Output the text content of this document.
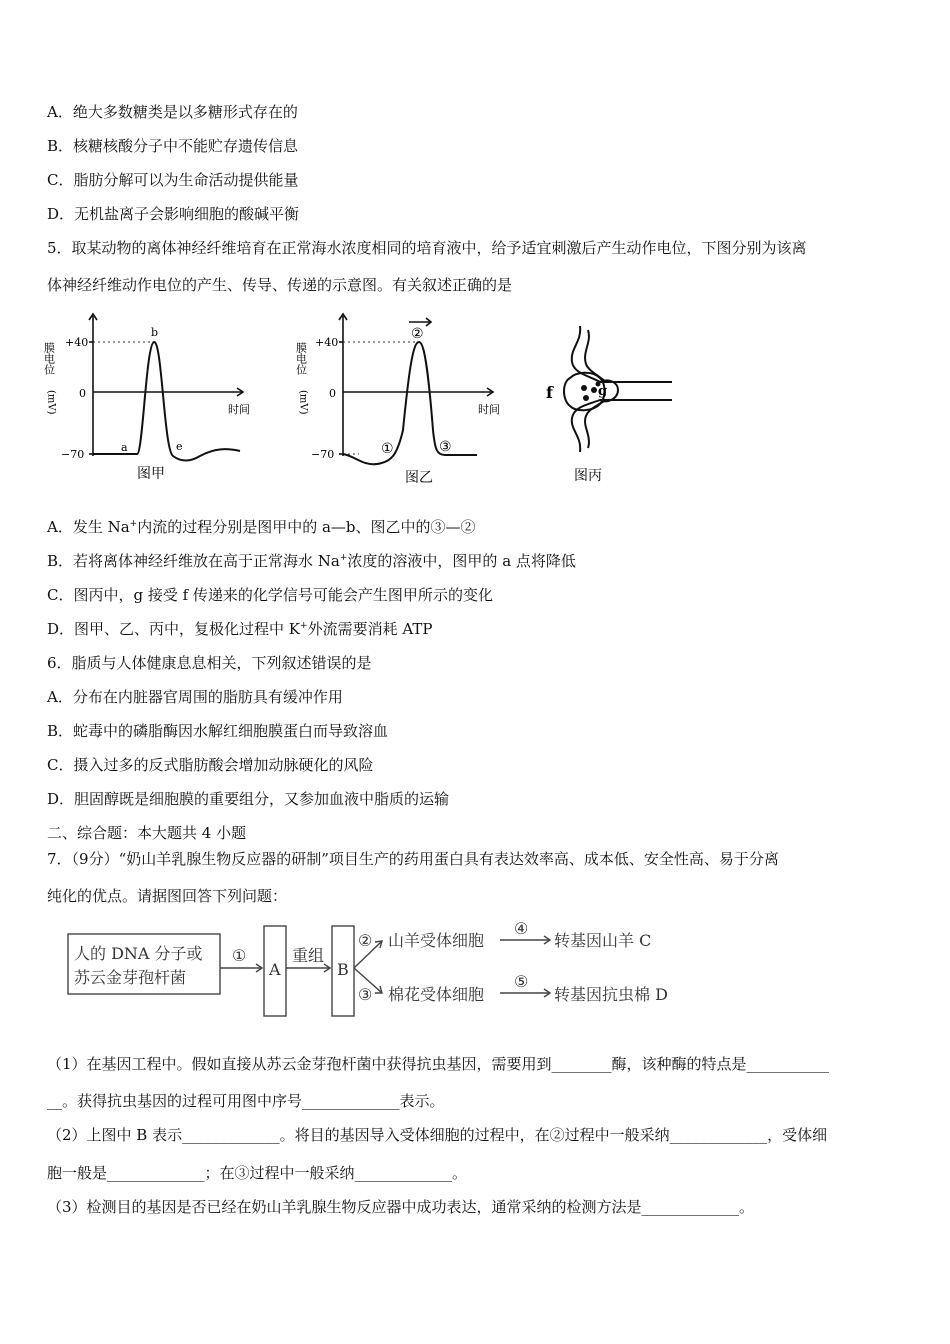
A．绝大多数糖类是以多糖形式存在的
B．核糖核酸分子中不能贮存遗传信息
C．脂肪分解可以为生命活动提供能量
D．无机盐离子会影响细胞的酸碱平衡
5．取某动物的离体神经纤维培育在正常海水浓度相同的培育液中，给予适宜刺激后产生动作电位，下图分别为该离
体神经纤维动作电位的产生、传导、传递的示意图。有关叙述正确的是
膜电位
(mV)
+40
0
−70
时间
a
b
e
图甲
膜电位
(mV)
+40
0
−70
时间
①
②
③
图乙
f	g
图丙
A．发生 Na+内流的过程分别是图甲中的 a—b、图乙中的③—②
B．若将离体神经纤维放在高于正常海水 Na+浓度的溶液中，图甲的 a 点将降低
C．图丙中，g 接受 f 传递来的化学信号可能会产生图甲所示的变化
D．图甲、乙、丙中，复极化过程中 K+外流需要消耗 ATP
6．脂质与人体健康息息相关，下列叙述错误的是
A．分布在内脏器官周围的脂肪具有缓冲作用
B．蛇毒中的磷脂酶因水解红细胞膜蛋白而导致溶血
C．摄入过多的反式脂肪酸会增加动脉硬化的风险
D．胆固醇既是细胞膜的重要组分，又参加血液中脂质的运输
二、综合题：本大题共 4 小题
7．（9分）“奶山羊乳腺生物反应器的研制”项目生产的药用蛋白具有表达效率高、成本低、安全性高、易于分离
纯化的优点。请据图回答下列问题：
人的 DNA 分子或
苏云金芽孢杆菌
①
A
重组
B
②
③
山羊受体细胞
棉花受体细胞
④
⑤
转基因山羊 C
转基因抗虫棉 D
（1）在基因工程中。假如直接从苏云金芽孢杆菌中获得抗虫基因，需要用到________酶，该种酶的特点是___________
__。获得抗虫基因的过程可用图中序号_____________表示。
（2）上图中 B 表示_____________。将目的基因导入受体细胞的过程中，在②过程中一般采纳_____________，受体细
胞一般是_____________；在③过程中一般采纳_____________。
（3）检测目的基因是否已经在奶山羊乳腺生物反应器中成功表达，通常采纳的检测方法是_____________。
